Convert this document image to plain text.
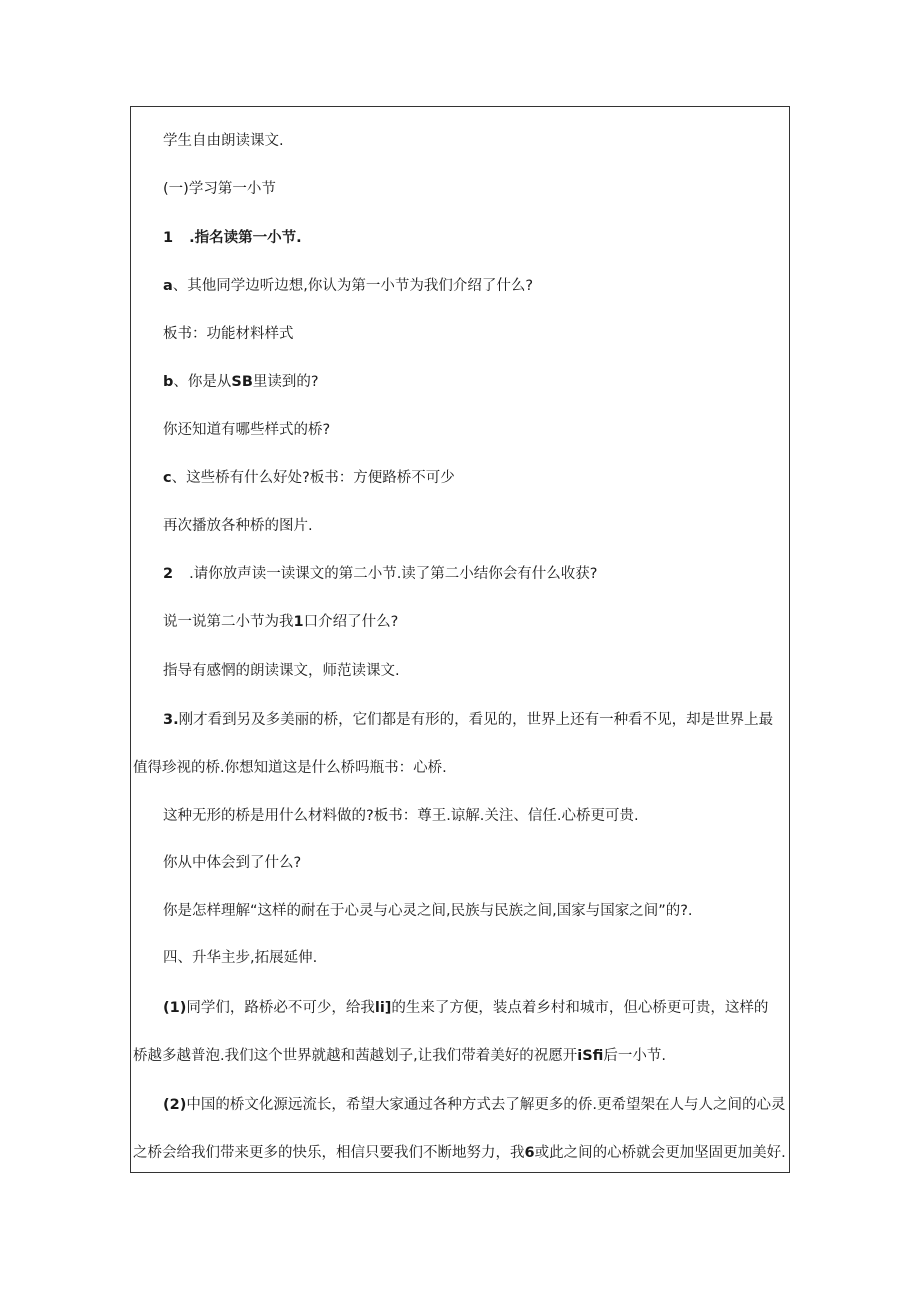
学生自由朗读课文.
(一)学习第一小节
1 .指名读第一小节.
a、其他同学边听边想,你认为第一小节为我们介绍了什么?
板书：功能材料样式
b、你是从SB里读到的?
你还知道有哪些样式的桥?
c、这些桥有什么好处?板书：方便路桥不可少
再次播放各种桥的图片.
2 .请你放声读一读课文的第二小节.读了第二小结你会有什么收获?
说一说第二小节为我1口介绍了什么?
指导有感惘的朗读课文，师范读课文.
3.刚才看到另及多美丽的桥，它们都是有形的，看见的，世界上还有一种看不见，却是世界上最
值得珍视的桥.你想知道这是什么桥吗瓶书：心桥.
这种无形的桥是用什么材料做的?板书：尊王.谅解.关注、信任.心桥更可贵.
你从中体会到了什么?
你是怎样理解“这样的耐在于心灵与心灵之间,民族与民族之间,国家与国家之间”的?.
四、升华主步,拓展延伸.
(1)同学们，路桥必不可少，给我li]的生来了方便，装点着乡村和城市，但心桥更可贵，这样的
桥越多越普泡.我们这个世界就越和茜越划子,让我们带着美好的祝愿开iSfi后一小节.
(2)中国的桥文化源远流长，希望大家通过各种方式去了解更多的侨.更希望架在人与人之间的心灵
之桥会给我们带来更多的快乐，相信只要我们不断地努力，我6或此之间的心桥就会更加坚固更加美好.
